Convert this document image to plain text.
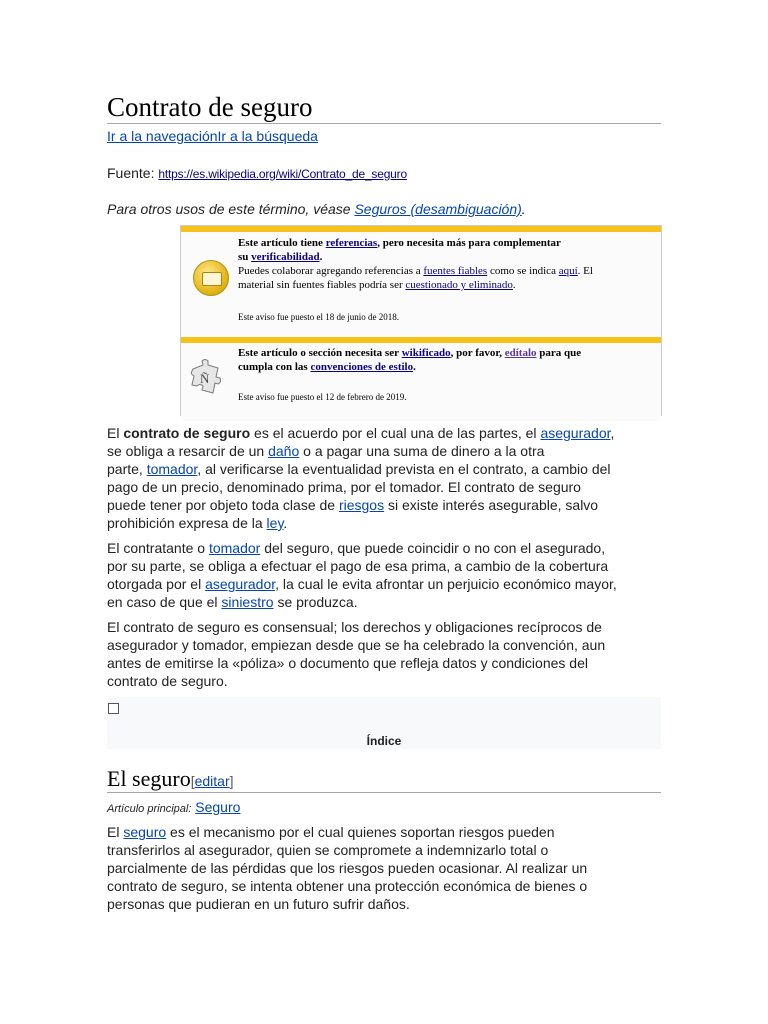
Contrato de seguro
Ir a la navegaciónIr a la búsqueda
Fuente: https://es.wikipedia.org/wiki/Contrato_de_seguro
Para otros usos de este término, véase Seguros (desambiguación).
Este artículo tiene referencias, pero necesita más para complementar
su verificabilidad.
Puedes colaborar agregando referencias a fuentes fiables como se indica aquí. El
material sin fuentes fiables podría ser cuestionado y eliminado.
Este aviso fue puesto el 18 de junio de 2018.
Ñ
Este artículo o sección necesita ser wikificado, por favor, edítalo para que
cumpla con las convenciones de estilo.
Este aviso fue puesto el 12 de febrero de 2019.
El contrato de seguro es el acuerdo por el cual una de las partes, el asegurador,
se obliga a resarcir de un daño o a pagar una suma de dinero a la otra
parte, tomador, al verificarse la eventualidad prevista en el contrato, a cambio del
pago de un precio, denominado prima, por el tomador. El contrato de seguro
puede tener por objeto toda clase de riesgos si existe interés asegurable, salvo
prohibición expresa de la ley.
El contratante o tomador del seguro, que puede coincidir o no con el asegurado,
por su parte, se obliga a efectuar el pago de esa prima, a cambio de la cobertura
otorgada por el asegurador, la cual le evita afrontar un perjuicio económico mayor,
en caso de que el siniestro se produzca.
El contrato de seguro es consensual; los derechos y obligaciones recíprocos de
asegurador y tomador, empiezan desde que se ha celebrado la convención, aun
antes de emitirse la «póliza» o documento que refleja datos y condiciones del
contrato de seguro.
Índice
El seguro[editar]
Artículo principal: Seguro
El seguro es el mecanismo por el cual quienes soportan riesgos pueden
transferirlos al asegurador, quien se compromete a indemnizarlo total o
parcialmente de las pérdidas que los riesgos pueden ocasionar. Al realizar un
contrato de seguro, se intenta obtener una protección económica de bienes o
personas que pudieran en un futuro sufrir daños.
